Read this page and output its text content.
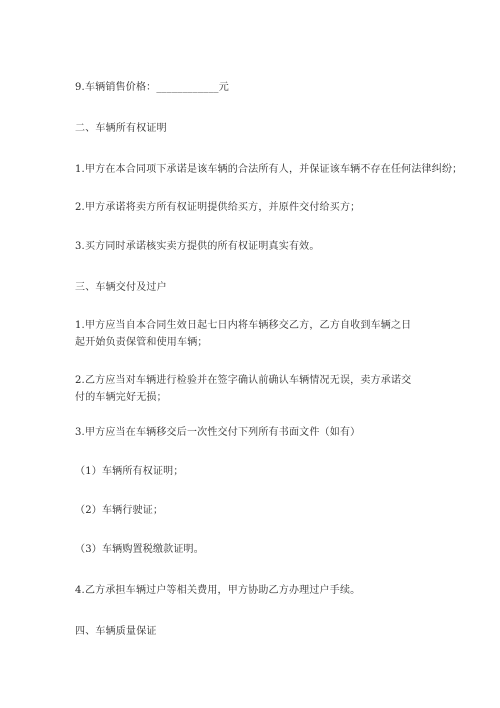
9.车辆销售价格：____________元
二、车辆所有权证明
1.甲方在本合同项下承诺是该车辆的合法所有人，并保证该车辆不存在任何法律纠纷；
2.甲方承诺将卖方所有权证明提供给买方，并原件交付给买方；
3.买方同时承诺核实卖方提供的所有权证明真实有效。
三、车辆交付及过户
1.甲方应当自本合同生效日起七日内将车辆移交乙方，乙方自收到车辆之日起开始负责保管和使用车辆；
2.乙方应当对车辆进行检验并在签字确认前确认车辆情况无误，卖方承诺交付的车辆完好无损；
3.甲方应当在车辆移交后一次性交付下列所有书面文件（如有）
（1）车辆所有权证明；
（2）车辆行驶证；
（3）车辆购置税缴款证明。
4.乙方承担车辆过户等相关费用，甲方协助乙方办理过户手续。
四、车辆质量保证
